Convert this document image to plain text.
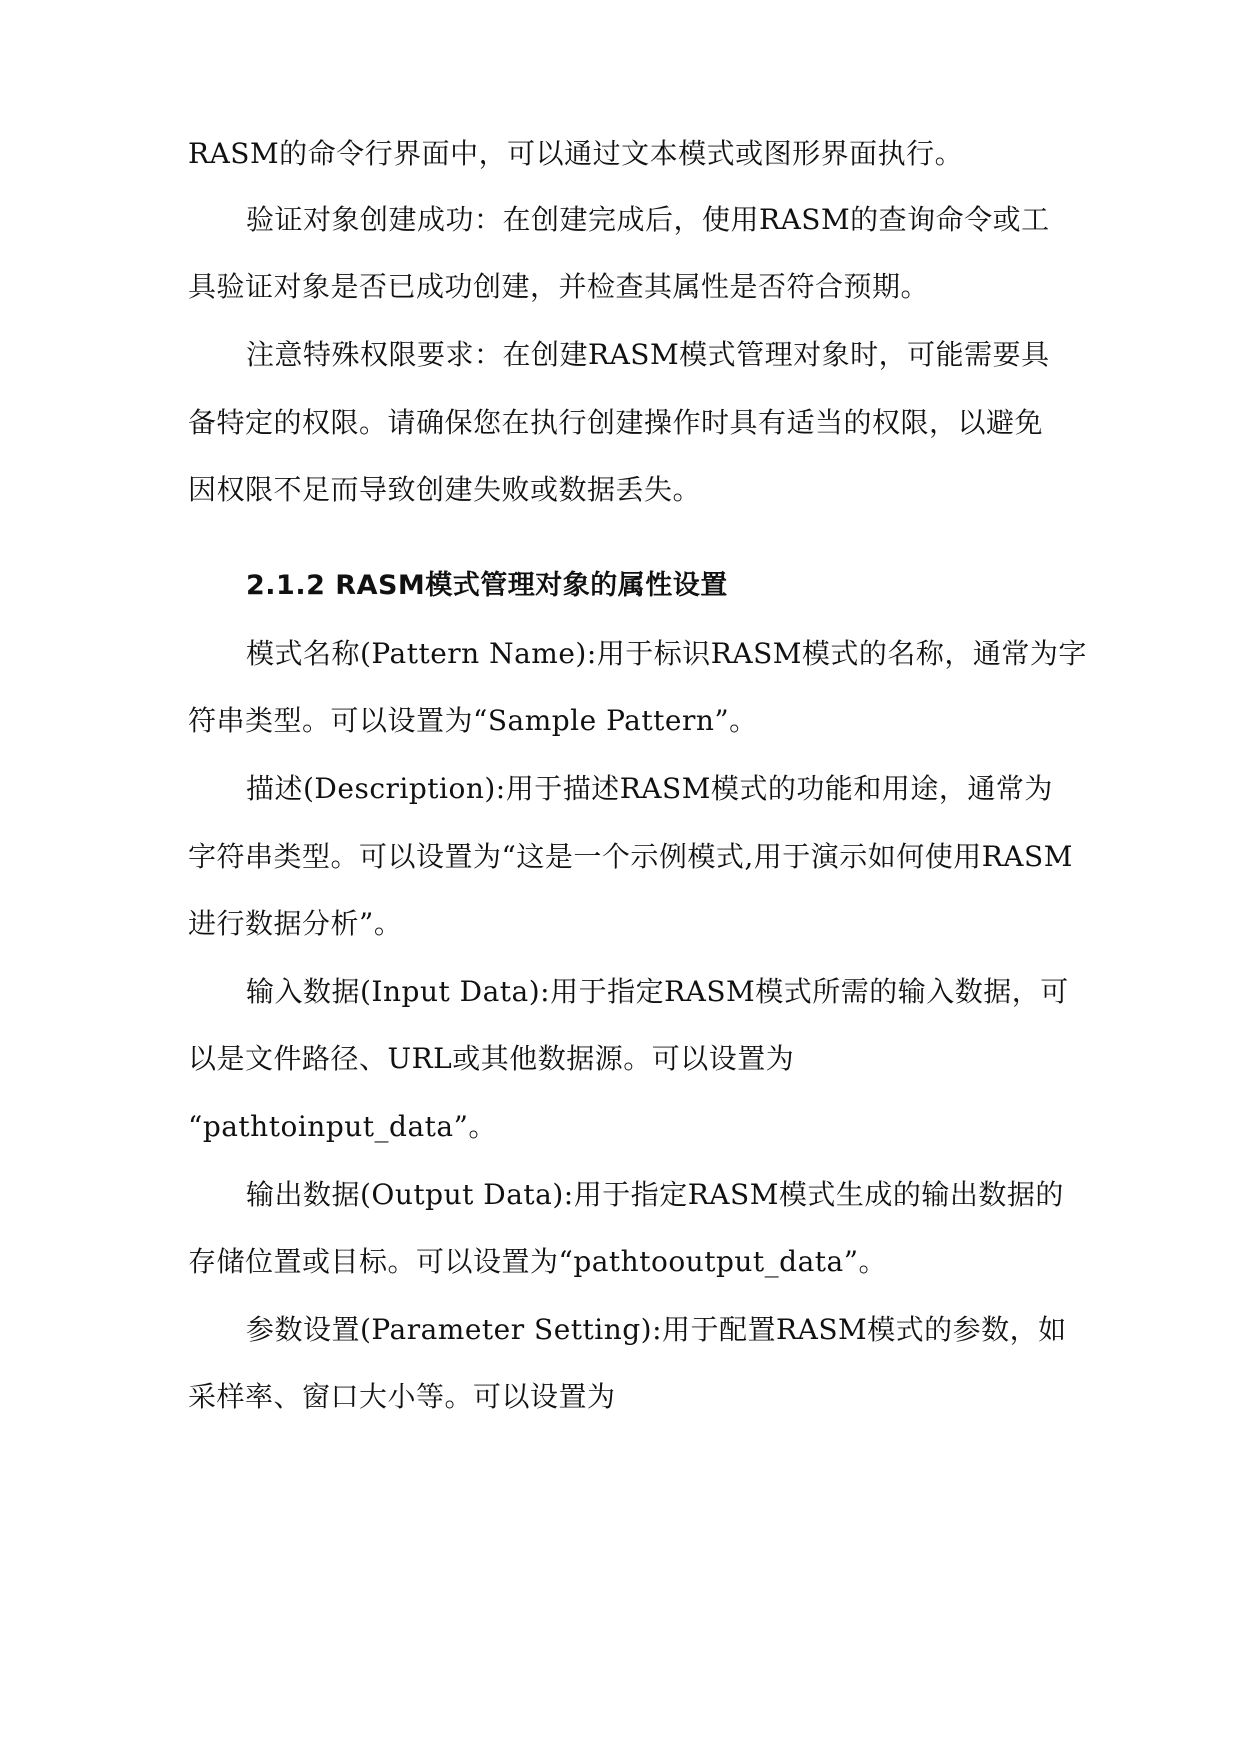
RASM的命令行界面中，可以通过文本模式或图形界面执行。
验证对象创建成功：在创建完成后，使用RASM的查询命令或工
具验证对象是否已成功创建，并检查其属性是否符合预期。
注意特殊权限要求：在创建RASM模式管理对象时，可能需要具
备特定的权限。请确保您在执行创建操作时具有适当的权限，以避免
因权限不足而导致创建失败或数据丢失。
2.1.2 RASM模式管理对象的属性设置
模式名称(Pattern Name):用于标识RASM模式的名称，通常为字
符串类型。可以设置为“Sample Pattern”。
描述(Description):用于描述RASM模式的功能和用途，通常为
字符串类型。可以设置为“这是一个示例模式,用于演示如何使用RASM
进行数据分析”。
输入数据(Input Data):用于指定RASM模式所需的输入数据，可
以是文件路径、URL或其他数据源。可以设置为
“pathtoinput_data”。
输出数据(Output Data):用于指定RASM模式生成的输出数据的
存储位置或目标。可以设置为“pathtooutput_data”。
参数设置(Parameter Setting):用于配置RASM模式的参数，如
采样率、窗口大小等。可以设置为
